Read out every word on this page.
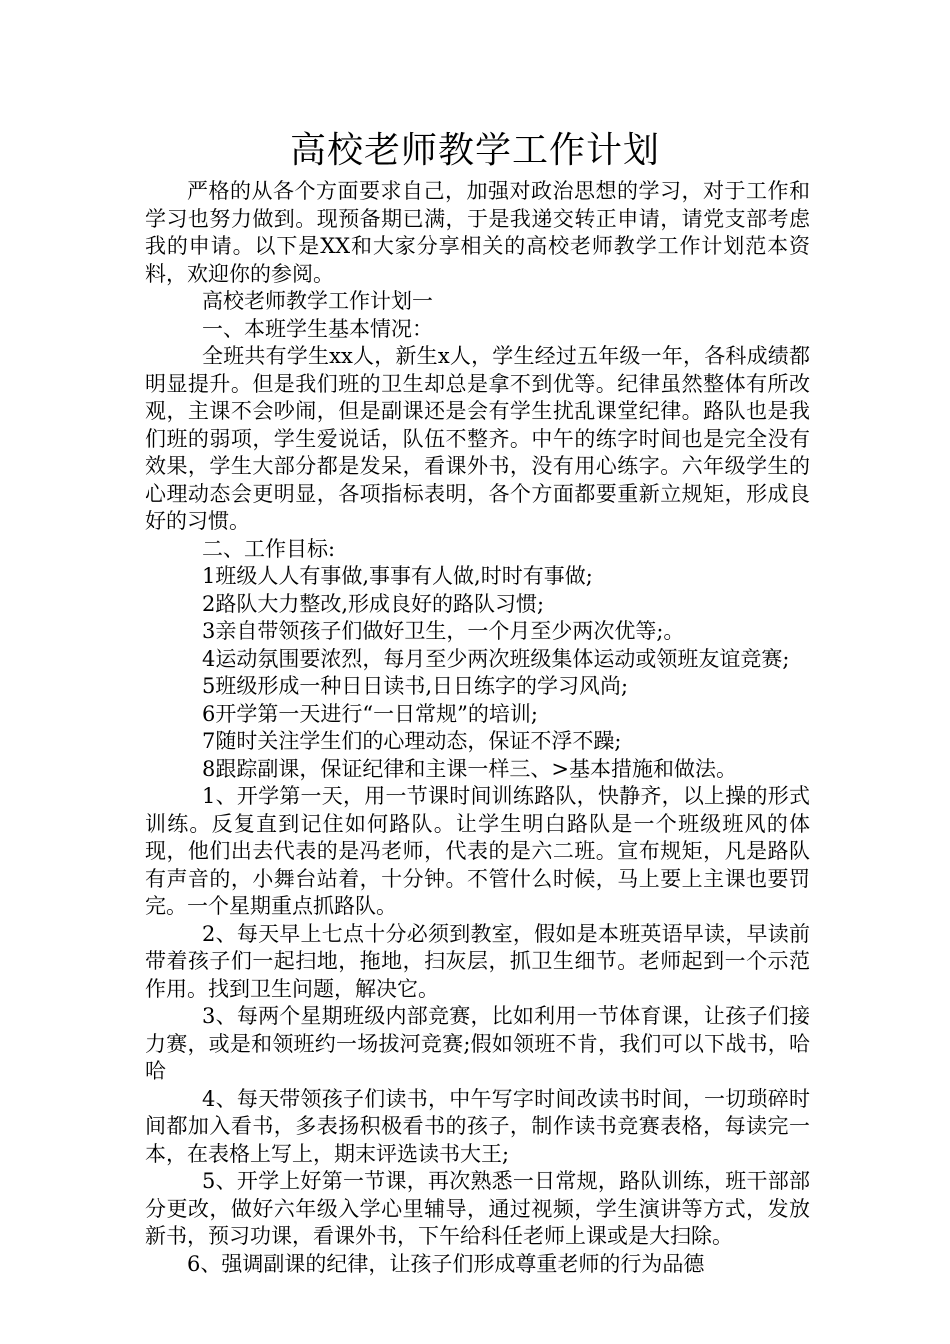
高校老师教学工作计划

严格的从各个方面要求自己，加强对政治思想的学习，对于工作和学习也努力做到。现预备期已满，于是我递交转正申请，请党支部考虑我的申请。以下是XX和大家分享相关的高校老师教学工作计划范本资料，欢迎你的参阅。

高校老师教学工作计划一

一、本班学生基本情况：

全班共有学生xx人，新生x人，学生经过五年级一年，各科成绩都明显提升。但是我们班的卫生却总是拿不到优等。纪律虽然整体有所改观，主课不会吵闹，但是副课还是会有学生扰乱课堂纪律。路队也是我们班的弱项，学生爱说话，队伍不整齐。中午的练字时间也是完全没有效果，学生大部分都是发呆，看课外书，没有用心练字。六年级学生的心理动态会更明显，各项指标表明，各个方面都要重新立规矩，形成良好的习惯。

二、工作目标:

1班级人人有事做,事事有人做,时时有事做;

2路队大力整改,形成良好的路队习惯;

3亲自带领孩子们做好卫生，一个月至少两次优等;。

4运动氛围要浓烈，每月至少两次班级集体运动或领班友谊竞赛;

5班级形成一种日日读书,日日练字的学习风尚;

6开学第一天进行“一日常规”的培训;

7随时关注学生们的心理动态，保证不浮不躁;

8跟踪副课，保证纪律和主课一样三、>基本措施和做法。

1、开学第一天，用一节课时间训练路队，快静齐，以上操的形式训练。反复直到记住如何路队。让学生明白路队是一个班级班风的体现，他们出去代表的是冯老师，代表的是六二班。宣布规矩，凡是路队有声音的，小舞台站着，十分钟。不管什么时候，马上要上主课也要罚完。一个星期重点抓路队。

2、每天早上七点十分必须到教室，假如是本班英语早读，早读前带着孩子们一起扫地，拖地，扫灰层，抓卫生细节。老师起到一个示范作用。找到卫生问题，解决它。

3、每两个星期班级内部竞赛，比如利用一节体育课，让孩子们接力赛，或是和领班约一场拔河竞赛;假如领班不肯，我们可以下战书，哈哈

4、每天带领孩子们读书，中午写字时间改读书时间，一切琐碎时间都加入看书，多表扬积极看书的孩子，制作读书竞赛表格，每读完一本，在表格上写上，期末评选读书大王;

5、开学上好第一节课，再次熟悉一日常规，路队训练，班干部部分更改，做好六年级入学心里辅导，通过视频，学生演讲等方式，发放新书，预习功课，看课外书，下午给科任老师上课或是大扫除。

6、强调副课的纪律，让孩子们形成尊重老师的行为品德
